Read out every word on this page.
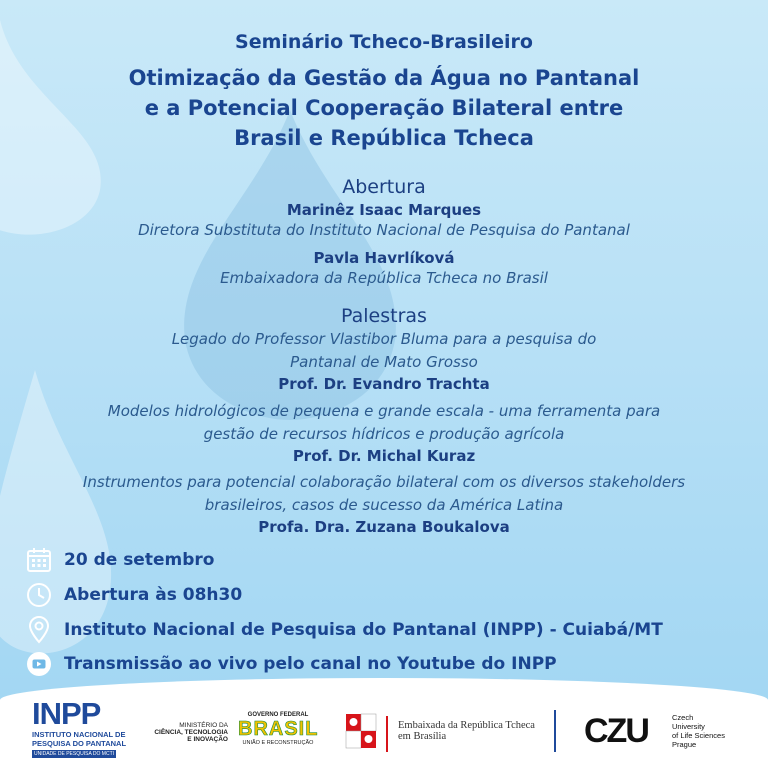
Seminário Tcheco-Brasileiro
Otimização da Gestão da Água no Pantanal
e a Potencial Cooperação Bilateral entre
Brasil e República Tcheca
Abertura
Marinêz Isaac Marques
Diretora Substituta do Instituto Nacional de Pesquisa do Pantanal
Pavla Havrlíková
Embaixadora da República Tcheca no Brasil
Palestras
Legado do Professor Vlastibor Bluma para a pesquisa do
Pantanal de Mato Grosso
Prof. Dr. Evandro Trachta
Modelos hidrológicos de pequena e grande escala - uma ferramenta para
gestão de recursos hídricos e produção agrícola
Prof. Dr. Michal Kuraz
Instrumentos para potencial colaboração bilateral com os diversos stakeholders
brasileiros, casos de sucesso da América Latina
Profa. Dra. Zuzana Boukalova
20 de setembro
Abertura às 08h30
Instituto Nacional de Pesquisa do Pantanal (INPP) - Cuiabá/MT
Transmissão ao vivo pelo canal no Youtube do INPP
INPP
INSTITUTO NACIONAL DE
PESQUISA DO PANTANAL
UNIDADE DE PESQUISA DO MCTI
MINISTÉRIO DA
CIÊNCIA, TECNOLOGIA
E INOVAÇÃO
GOVERNO FEDERAL
BRASIL
UNIÃO E RECONSTRUÇÃO
Embaixada da República Tcheca
em Brasília	CZU	Czech
University
of Life Sciences
Prague
